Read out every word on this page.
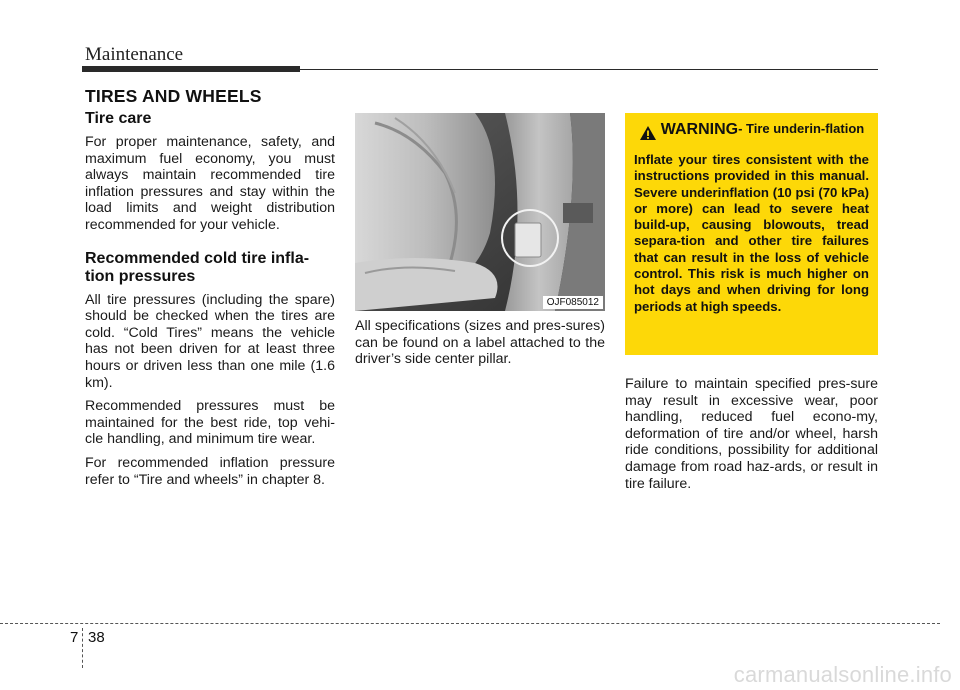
Maintenance
TIRES AND WHEELS
Tire care

For proper maintenance, safety, and maximum fuel economy, you must always maintain recommended tire inflation pressures and stay within the load limits and weight distribution recommended for your vehicle.

Recommended cold tire infla-tion pressures

All tire pressures (including the spare) should be checked when the tires are cold. “Cold Tires” means the vehicle has not been driven for at least three hours or driven less than one mile (1.6 km).

Recommended pressures must be maintained for the best ride, top vehi-cle handling, and minimum tire wear.

For recommended inflation pressure refer to “Tire and wheels” in chapter 8.

OJF085012

All specifications (sizes and pres-sures) can be found on a label attached to the driver’s side center pillar.

WARNING - Tire underin-flation

Inflate your tires consistent with the instructions provided in this manual. Severe underinflation (10 psi (70 kPa) or more) can lead to severe heat build-up, causing blowouts, tread separa-tion and other tire failures that can result in the loss of vehicle control. This risk is much higher on hot days and when driving for long periods at high speeds.

Failure to maintain specified pres-sure may result in excessive wear, poor handling, reduced fuel econo-my, deformation of tire and/or wheel, harsh ride conditions, possibility for additional damage from road haz-ards, or result in tire failure.

7 38
carmanualsonline.info
